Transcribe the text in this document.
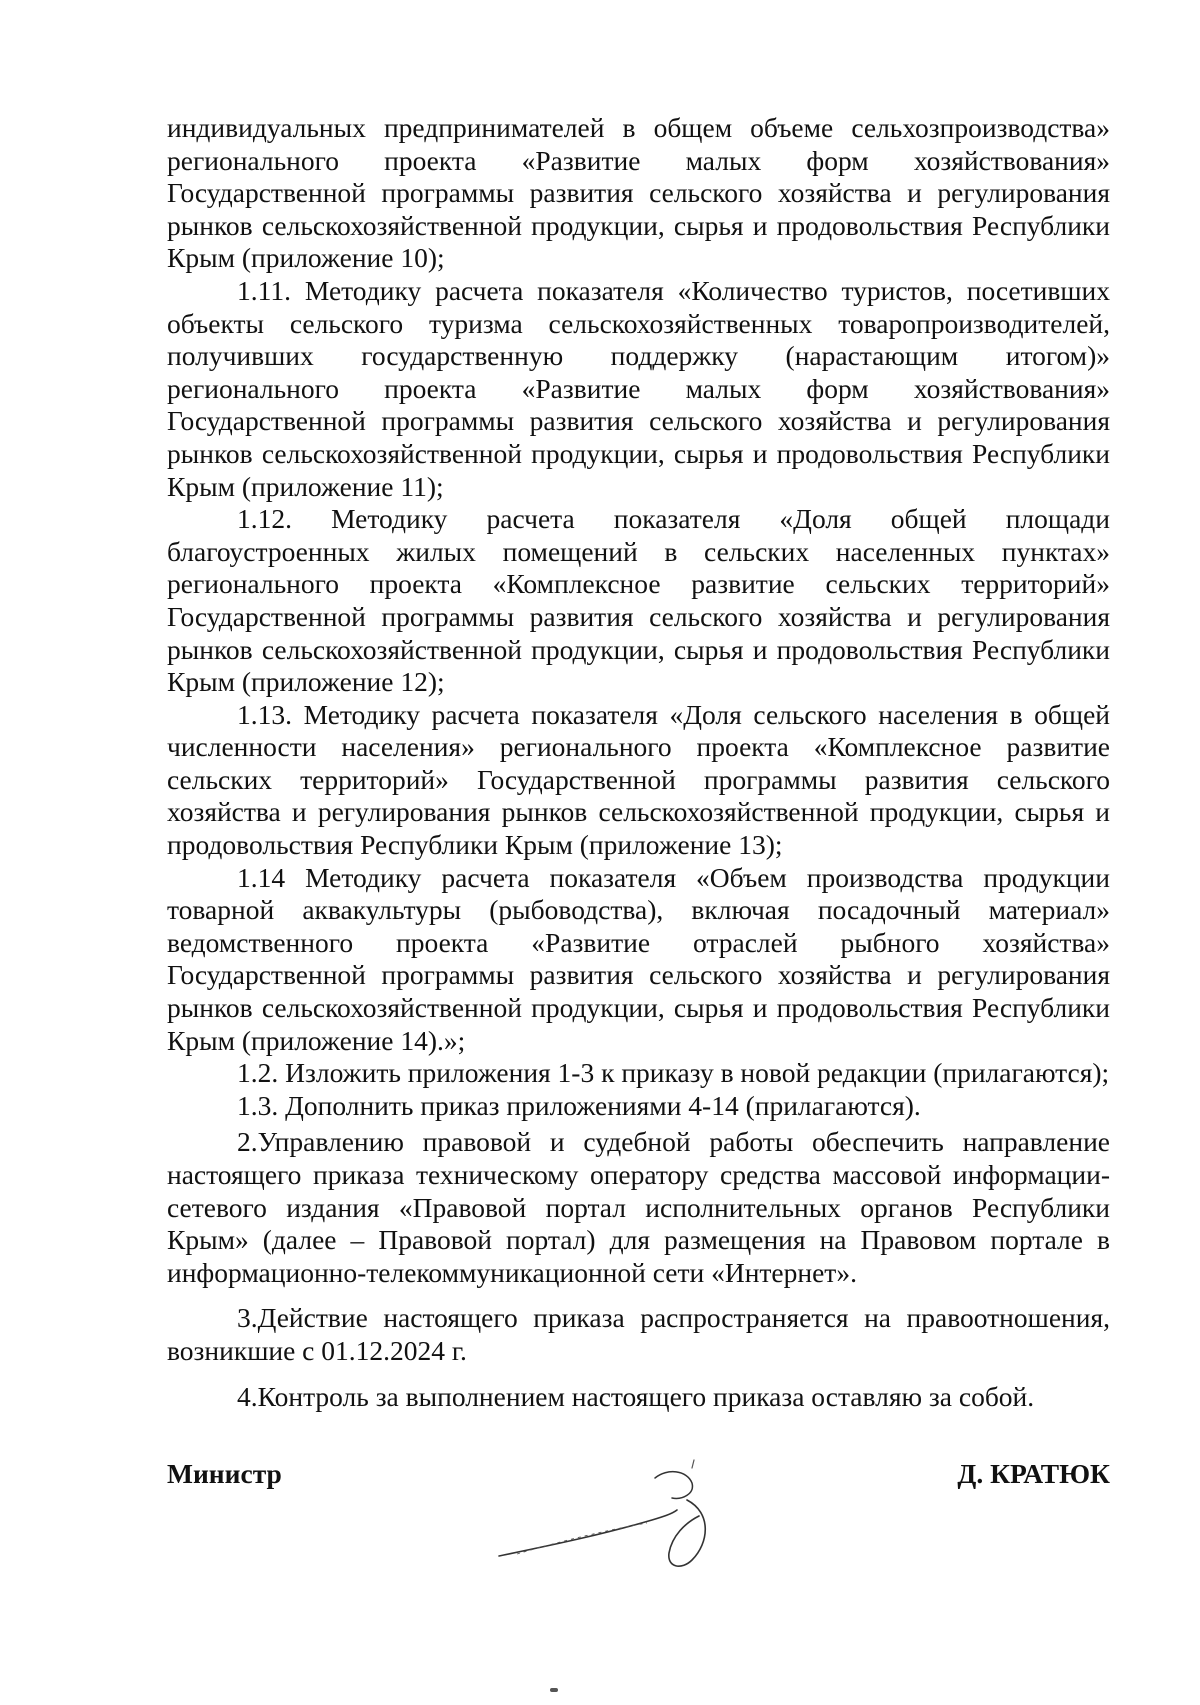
индивидуальных предпринимателей в общем объеме сельхозпроизводства» регионального проекта «Развитие малых форм хозяйствования» Государственной программы развития сельского хозяйства и регулирования рынков сельскохозяйственной продукции, сырья и продовольствия Республики Крым (приложение 10);

1.11. Методику расчета показателя «Количество туристов, посетивших объекты сельского туризма сельскохозяйственных товаропроизводителей, получивших государственную поддержку (нарастающим итогом)» регионального проекта «Развитие малых форм хозяйствования» Государственной программы развития сельского хозяйства и регулирования рынков сельскохозяйственной продукции, сырья и продовольствия Республики Крым (приложение 11);

1.12. Методику расчета показателя «Доля общей площади благоустроенных жилых помещений в сельских населенных пунктах» регионального проекта «Комплексное развитие сельских территорий» Государственной программы развития сельского хозяйства и регулирования рынков сельскохозяйственной продукции, сырья и продовольствия Республики Крым (приложение 12);

1.13. Методику расчета показателя «Доля сельского населения в общей численности населения» регионального проекта «Комплексное развитие сельских территорий» Государственной программы развития сельского хозяйства и регулирования рынков сельскохозяйственной продукции, сырья и продовольствия Республики Крым (приложение 13);

1.14 Методику расчета показателя «Объем производства продукции товарной аквакультуры (рыбоводства), включая посадочный материал» ведомственного проекта «Развитие отраслей рыбного хозяйства» Государственной программы развития сельского хозяйства и регулирования рынков сельскохозяйственной продукции, сырья и продовольствия Республики Крым (приложение 14).»;

1.2. Изложить приложения 1-3 к приказу в новой редакции (прилагаются);

1.3. Дополнить приказ приложениями 4-14 (прилагаются).

2.Управлению правовой и судебной работы обеспечить направление настоящего приказа техническому оператору средства массовой информации-сетевого издания «Правовой портал исполнительных органов Республики Крым» (далее – Правовой портал) для размещения на Правовом портале в информационно-телекоммуникационной сети «Интернет».

3.Действие настоящего приказа распространяется на правоотношения, возникшие с 01.12.2024 г.

4.Контроль за выполнением настоящего приказа оставляю за собой.

Министр	Д. КРАТЮК
